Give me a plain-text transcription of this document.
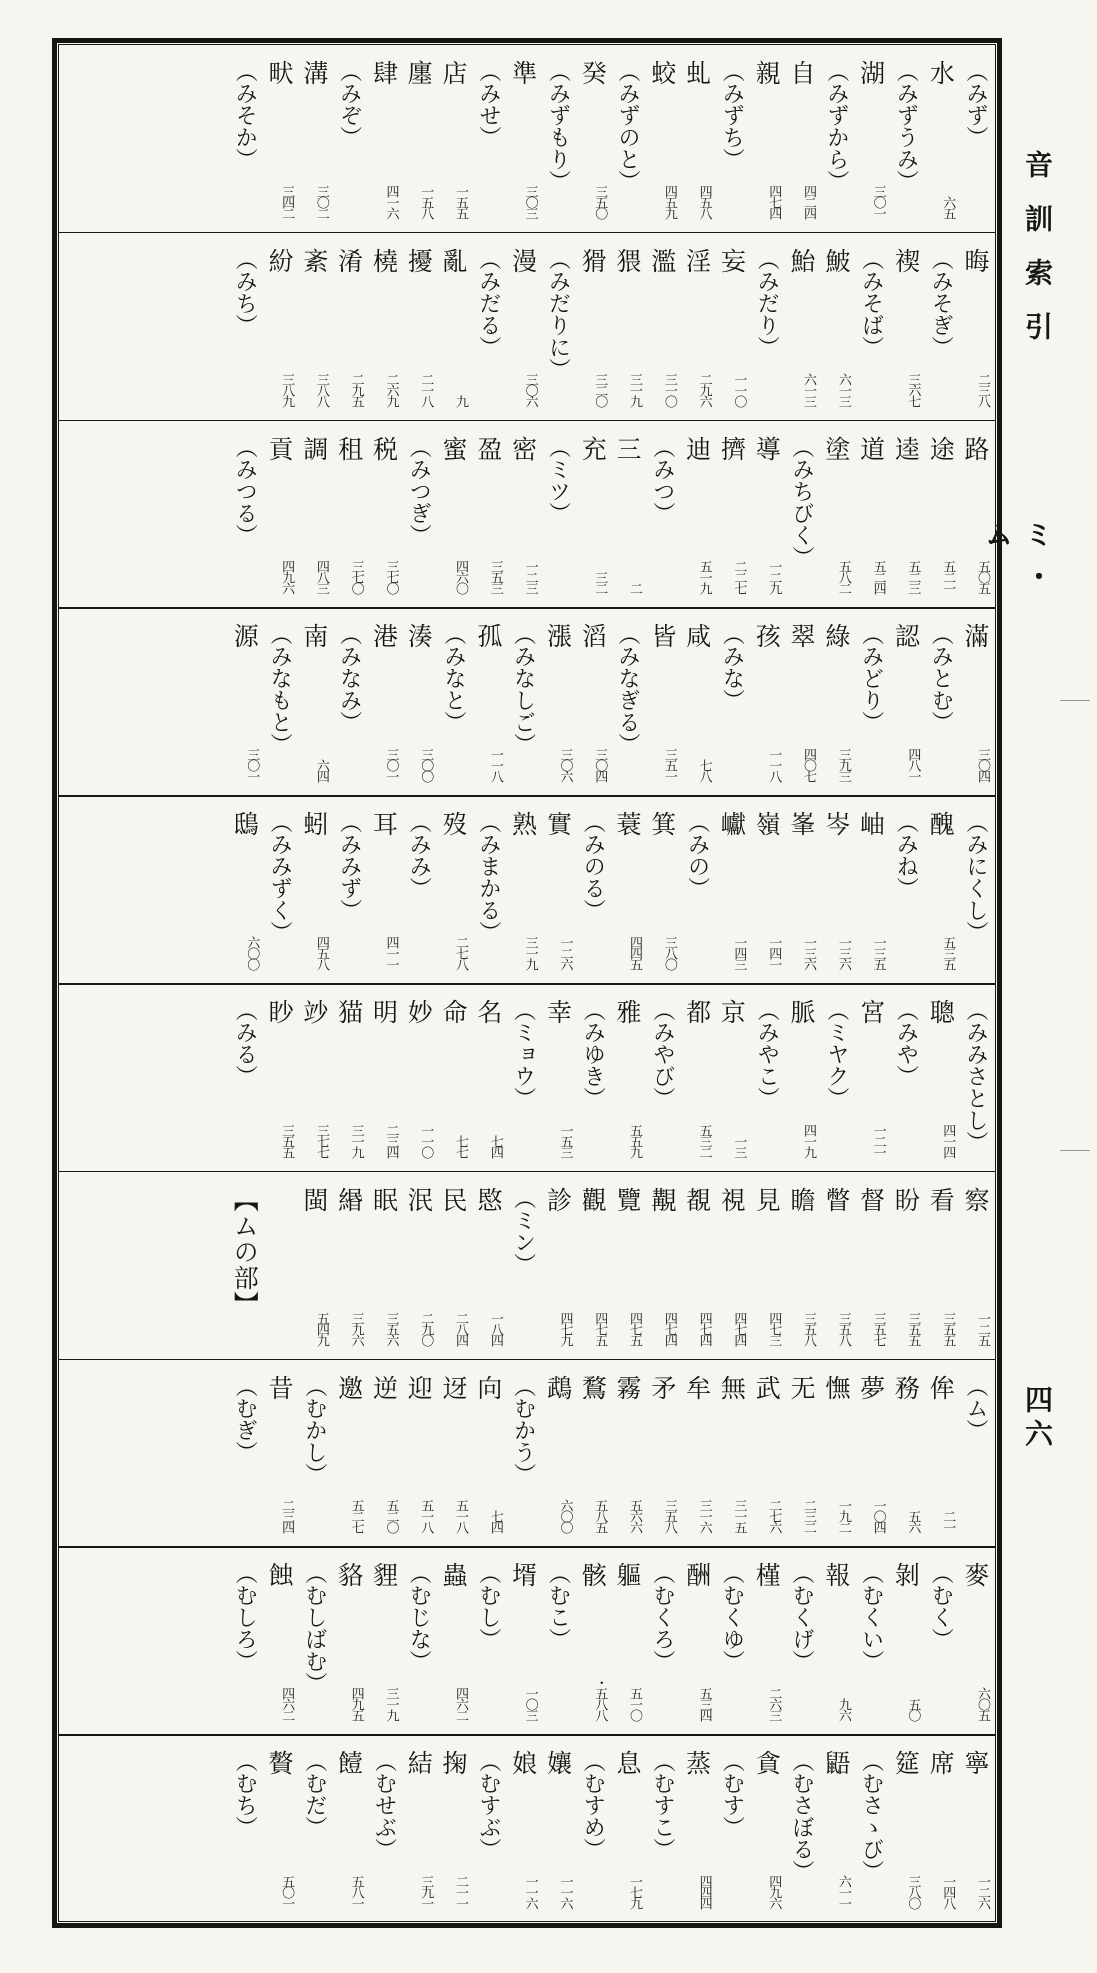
（みず）
水
六五
（みずうみ）
湖
三〇一
（みずから）
自
四二四
親
四七四
（みずち）
虬
四五八
蛟
四五九
（みずのと）
癸
三五〇
（みずもり）
準
三〇三
（みせ）
店
一五五
廛
一五八
肆
四一六
（みぞ）
溝
三〇二
畎
三四二
（みそか）
晦
二三八
（みそぎ）
禊
三六七
（みそば）
鮍
六一三
鮐
六一三
（みだり）
妄
一一〇
淫
二九六
濫
三一〇
猥
三一九
猾
三二〇
（みだりに）
漫
三〇六
（みだる）
亂
九
擾
二一八
橈
二六九
淆
二九五
紊
三八八
紛
三八九
（みち）
路
五〇五
途
五二一
逵
五二三
道
五二四
塗
五八二
（みちびく）
導
一二九
擠
二二七
迪
五一九
（みつ）
三
二
充
三二
（ミツ）
密
一二三
盈
三五三
蜜
四六〇
（みつぎ）
税
三七〇
租
三七〇
調
四八三
貢
四九六
（みつる）
滿
三〇四
（みとむ）
認
四八一
（みどり）
綠
三九三
翠
四〇七
孩
一一八
（みな）
咸
七八
皆
三五一
（みなぎる）
滔
三〇四
漲
三〇六
（みなしご）
孤
一一八
（みなと）
湊
三〇〇
港
三〇一
（みなみ）
南
六四
（みなもと）
源
三〇一
（みにくし）
醜
五三五
（みね）
岫
一三五
岑
一三六
峯
一三六
嶺
一四一
巘
一四三
（みの）
箕
三八〇
蓑
四四五
（みのる）
實
一二六
熟
三一九
（みまかる）
歿
二七八
（みみ）
耳
四一一
（みみず）
蚓
四五八
（みみずく）
鴟
六〇〇
（みみさとし）
聰
四一四
（みや）
宮
一二一
（ミヤク）
脈
四一九
（みやこ）
京
一三
都
五三二
（みやび）
雅
五五九
（みゆき）
幸
一五三
（ミョウ）
名
七四
命
七七
妙
一一〇
明
二三四
猫
三一九
竗
三七七
眇
三五五
（みる）
察
一二五
看
三五五
盼
三五五
督
三五七
瞥
三五八
瞻
三五八
見
四七三
視
四七四
覩
四七四
覯
四七四
覽
四七五
觀
四七五
診
四七九
（ミン）
愍
一八四
民
二八四
泯
二九〇
眠
三五六
緡
三九六
閩
五四九
【ムの部】
（ム）
侔
二一
務
五六
夢
一〇四
憮
一九二
无
二三二
武
二七六
無
三一五
牟
三一六
矛
三五八
霧
五六六
鶩
五八五
鵡
六〇〇
（むかう）
向
七四
迓
五一八
迎
五一八
逆
五二〇
邀
五二七
（むかし）
昔
二三四
（むぎ）
麥
六〇五
（むく）
剝
五〇
（むくい）
報
九六
（むくげ）
槿
二六三
（むくゆ）
酬
五三四
（むくろ）
軀
五一〇
骸
・五八八
（むこ）
壻
一〇三
（むし）
蟲
四六二
（むじな）
貍
三一九
貉
四九五
（むしばむ）
蝕
四六二
（むしろ）
寧
一二六
席
一四八
筵
三八〇
（むさゝび）
鼯
六一一
（むさぼる）
貪
四九六
（むす）
蒸
四四四
（むすこ）
息
一七九
（むすめ）
孃
一一六
娘
一一六
（むすぶ）
掬
二一一
結
三九一
（むせぶ）
饐
五八一
（むだ）
贅
五〇一
（むち）
音訓索引
ミ・ム
四六
